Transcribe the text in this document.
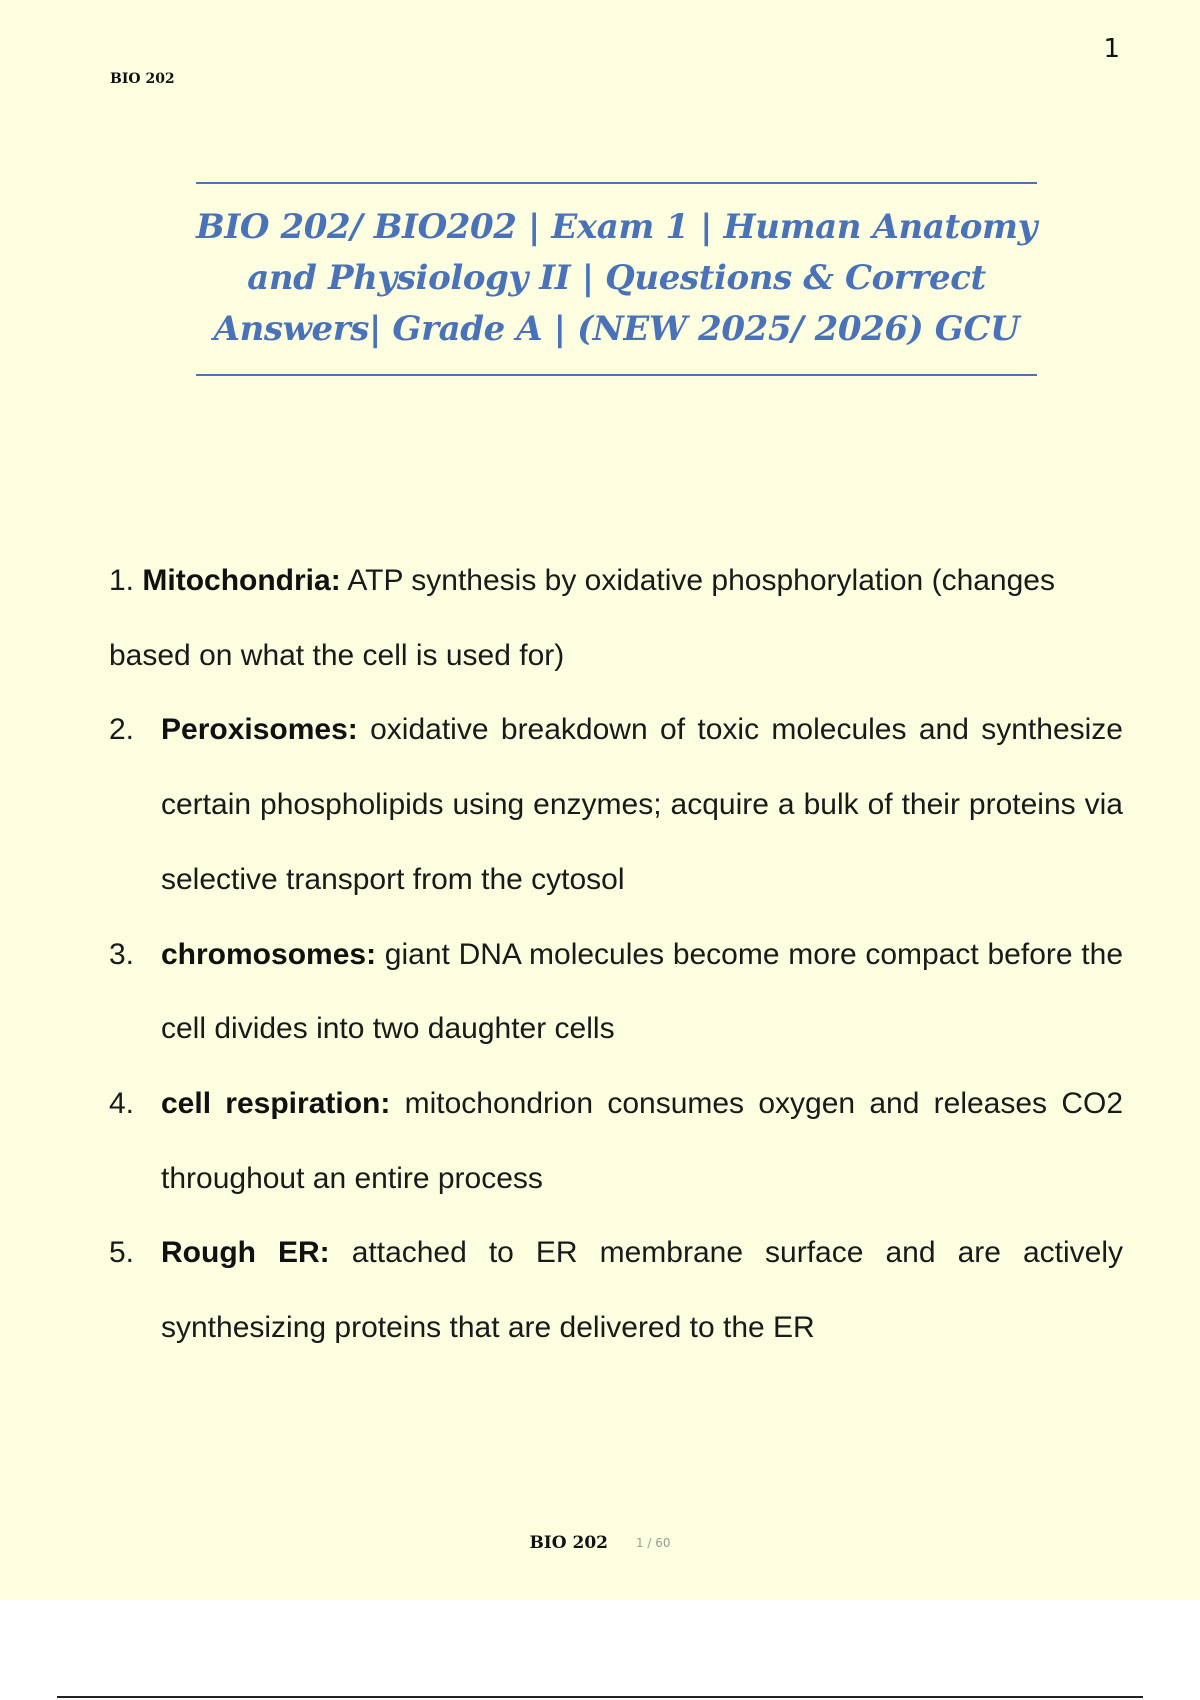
BIO 202
1

BIO 202/ BIO202 | Exam 1 | Human Anatomy

and Physiology II | Questions & Correct

Answers| Grade A | (NEW 2025/ 2026) GCU

1. Mitochondria: ATP synthesis by oxidative phosphorylation (changes based on what the cell is used for)

2. Peroxisomes: oxidative breakdown of toxic molecules and synthesize certain phospholipids using enzymes; acquire a bulk of their proteins via selective transport from the cytosol

3. chromosomes: giant DNA molecules become more compact before the cell divides into two daughter cells

4. cell respiration: mitochondrion consumes oxygen and releases CO2 throughout an entire process

5. Rough ER: attached to ER membrane surface and are actively synthesizing proteins that are delivered to the ER

BIO 202 1 / 60
